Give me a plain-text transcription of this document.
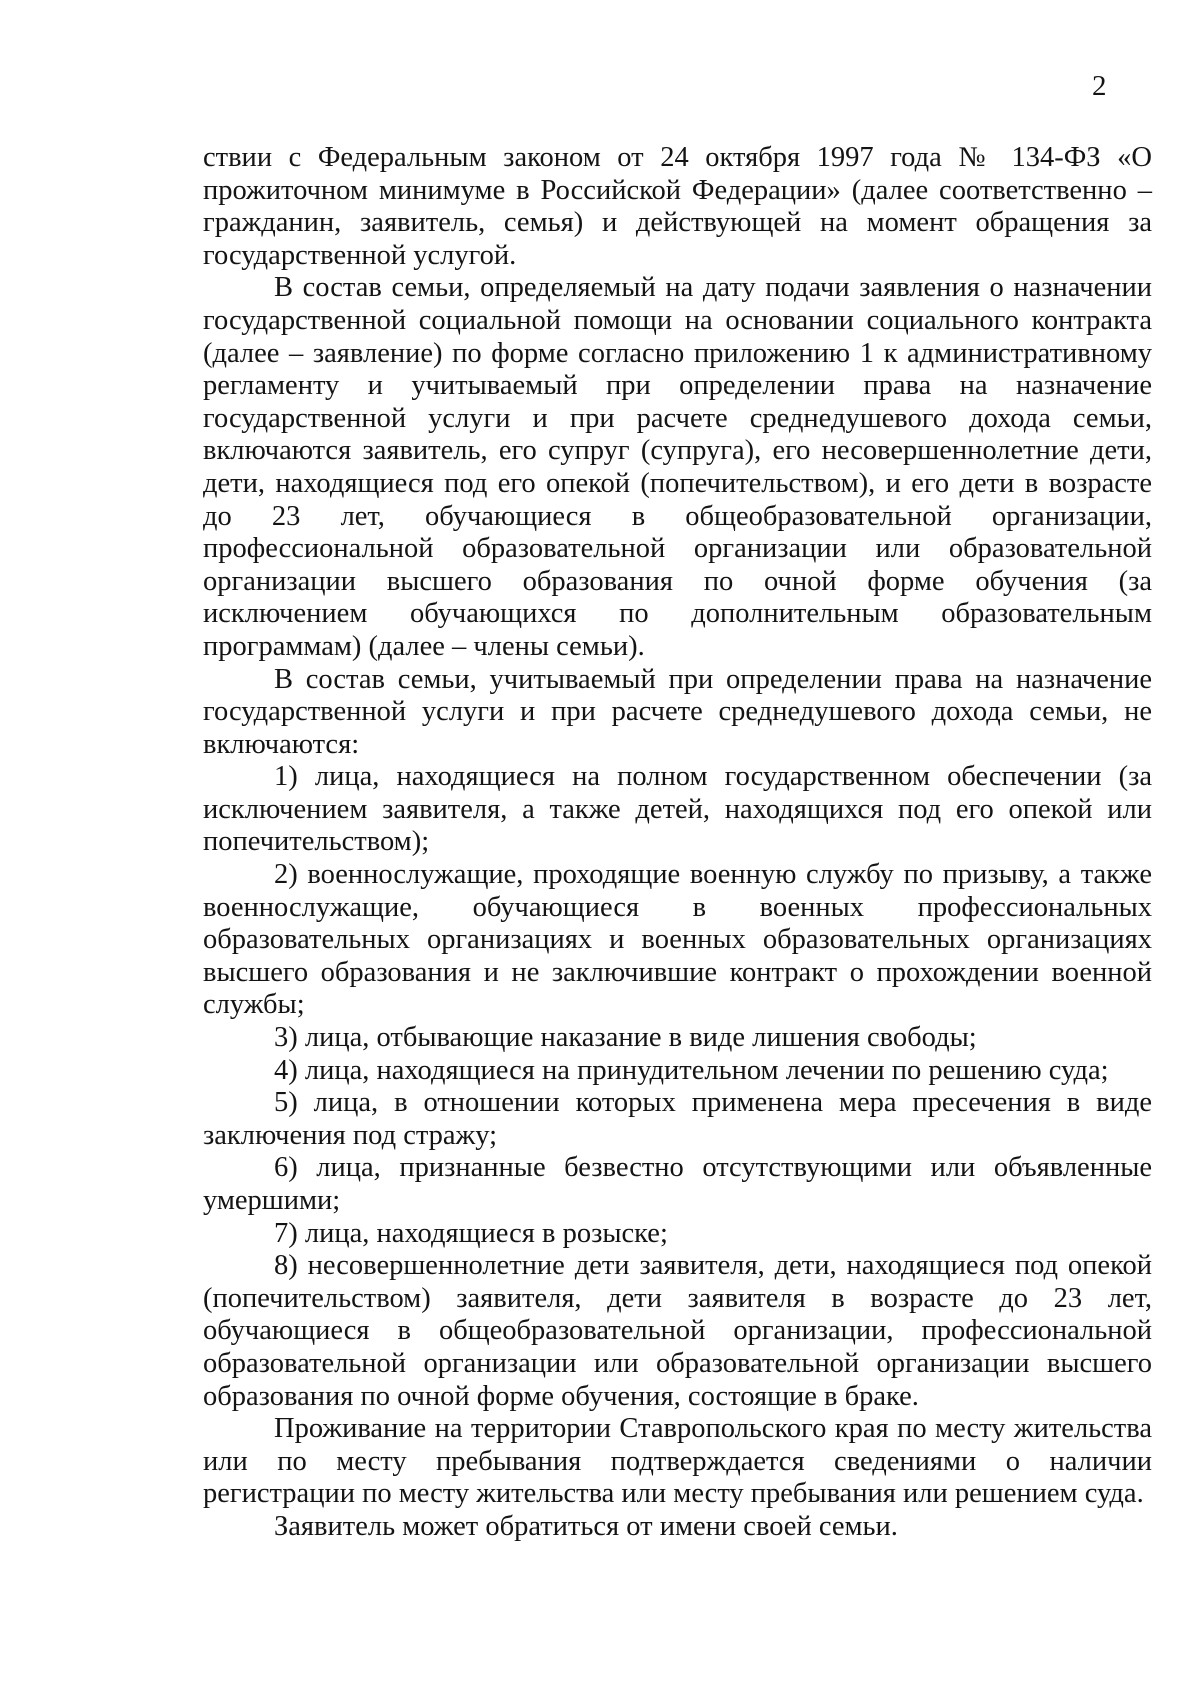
2

ствии с Федеральным законом от 24 октября 1997 года № 134-ФЗ «О прожиточном минимуме в Российской Федерации» (далее соответственно – гражданин, заявитель, семья) и действующей на момент обращения за государственной услугой.

В состав семьи, определяемый на дату подачи заявления о назначении государственной социальной помощи на основании социального контракта (далее – заявление) по форме согласно приложению 1 к административному регламенту и учитываемый при определении права на назначение государственной услуги и при расчете среднедушевого дохода семьи, включаются заявитель, его супруг (супруга), его несовершеннолетние дети, дети, находящиеся под его опекой (попечительством), и его дети в возрасте до 23 лет, обучающиеся в общеобразовательной организации, профессиональной образовательной организации или образовательной организации высшего образования по очной форме обучения (за исключением обучающихся по дополнительным образовательным программам) (далее – члены семьи).

В состав семьи, учитываемый при определении права на назначение государственной услуги и при расчете среднедушевого дохода семьи, не включаются:

1) лица, находящиеся на полном государственном обеспечении (за исключением заявителя, а также детей, находящихся под его опекой или попечительством);

2) военнослужащие, проходящие военную службу по призыву, а также военнослужащие, обучающиеся в военных профессиональных образовательных организациях и военных образовательных организациях высшего образования и не заключившие контракт о прохождении военной службы;

3) лица, отбывающие наказание в виде лишения свободы;

4) лица, находящиеся на принудительном лечении по решению суда;

5) лица, в отношении которых применена мера пресечения в виде заключения под стражу;

6) лица, признанные безвестно отсутствующими или объявленные умершими;

7) лица, находящиеся в розыске;

8) несовершеннолетние дети заявителя, дети, находящиеся под опекой (попечительством) заявителя, дети заявителя в возрасте до 23 лет, обучающиеся в общеобразовательной организации, профессиональной образовательной организации или образовательной организации высшего образования по очной форме обучения, состоящие в браке.

Проживание на территории Ставропольского края по месту жительства или по месту пребывания подтверждается сведениями о наличии регистрации по месту жительства или месту пребывания или решением суда.

Заявитель может обратиться от имени своей семьи.
